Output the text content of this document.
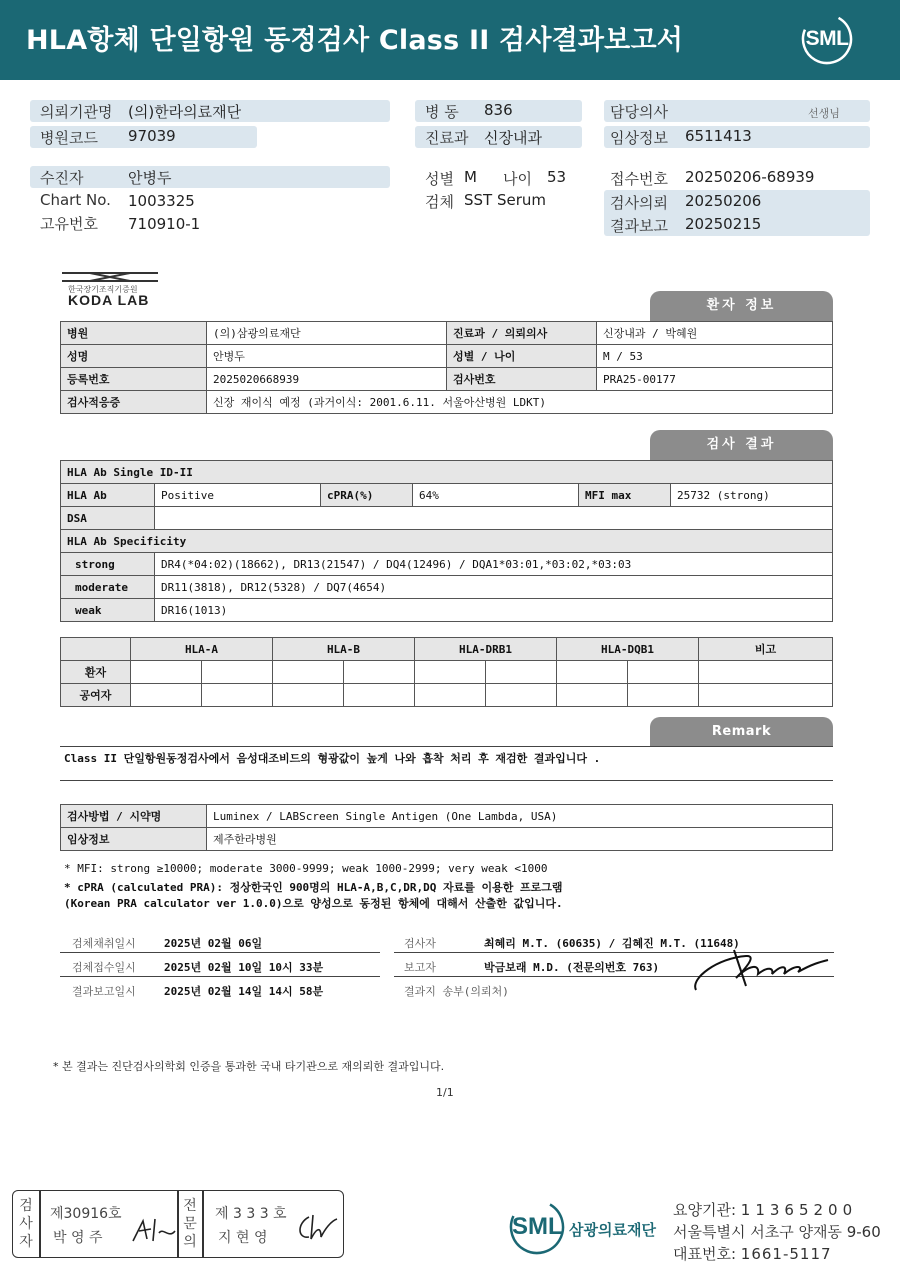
HLA항체 단일항원 동정검사 Class II 검사결과보고서	SML
의뢰기관명 (의)한라의료재단
병원코드 97039
수진자	안병두
Chart No. 1003325
고유번호 710910-1
병 동 836
진료과 신장내과
성별 M 나이 53
검체 SST Serum
담당의사	선생님
임상정보 6511413
접수번호 20250206-68939
검사의뢰 20250206
결과보고 20250215
한국장기조직기증원
KODA LAB	환자 정보
병원	(의)삼광의료재단	진료과 / 의뢰의사	신장내과 / 박혜원
성명	안병두	성별 / 나이	M / 53
등록번호	2025020668939	검사번호	PRA25-00177
검사적응증	신장 재이식 예정 (과거이식: 2001.6.11. 서울아산병원 LDKT)		
검사 결과
HLA Ab Single ID-II					
HLA Ab	Positive	cPRA(%)	64%	MFI max	25732 (strong)
DSA					
HLA Ab Specificity					
strong	DR4(*04:02)(18662), DR13(21547) / DQ4(12496) / DQA1*03:01,*03:02,*03:03				
moderate	DR11(3818), DR12(5328) / DQ7(4654)				
weak	DR16(1013)				
	HLA-A		HLA-B		HLA-DRB1		HLA-DQB1		비고
환자									
공여자									
Remark
Class II 단일항원동정검사에서 음성대조비드의 형광값이 높게 나와 흡착 처리 후 재검한 결과입니다 .
검사방법 / 시약명	Luminex / LABScreen Single Antigen (One Lambda, USA)
임상정보	제주한라병원
* MFI: strong ≥10000; moderate 3000-9999; weak 1000-2999; very weak <1000
* cPRA (calculated PRA): 정상한국인 900명의 HLA-A,B,C,DR,DQ 자료를 이용한 프로그램
(Korean PRA calculator ver 1.0.0)으로 양성으로 동정된 항체에 대해서 산출한 값입니다.
검체채취일시	2025년 02월 06일
검체접수일시	2025년 02월 10일 10시 33분
결과보고일시	2025년 02월 14일 14시 58분
검사자	최혜리 M.T. (60635) / 김혜진 M.T. (11648)
보고자	박금보래 M.D. (전문의번호 763)
결과지 송부(의뢰처)
* 본 결과는 진단검사의학회 인증을 통과한 국내 타기관으로 재의뢰한 결과입니다.
1/1
검
사
자
제30916호
박 영 주
전
문
의
제 3 3 3 호
지 현 영	SML 삼광의료재단
요양기관: 11365200
서울특별시 서초구 양재동 9-60
대표번호: 1661-5117
